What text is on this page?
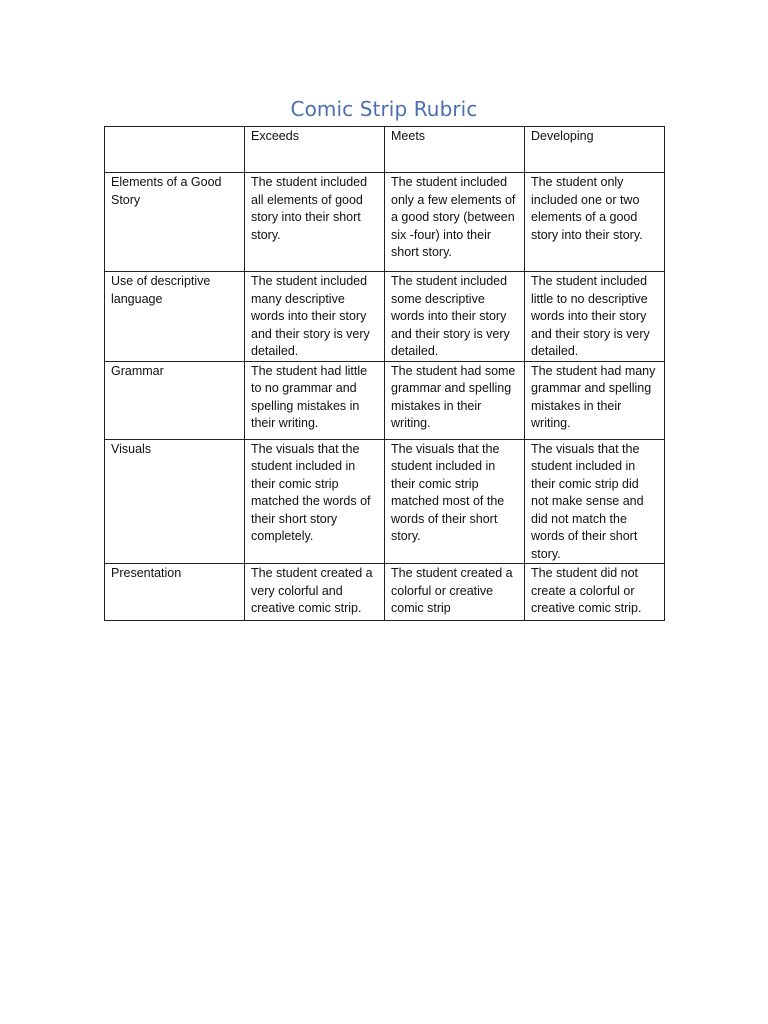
Comic Strip Rubric
	Exceeds	Meets	Developing
Elements of a Good Story	The student included all elements of good story into their short story.	The student included only a few elements of a good story (between six -four) into their short story.	The student only included one or two elements of a good story into their story.
Use of descriptive language	The student included many descriptive words into their story and their story is very detailed.	The student included some descriptive words into their story and their story is very detailed.	The student included little to no descriptive words into their story and their story is very detailed.
Grammar	The student had little to no grammar and spelling mistakes in their writing.	The student had some grammar and spelling mistakes in their writing.	The student had many grammar and spelling mistakes in their writing.
Visuals	The visuals that the student included in their comic strip matched the words of their short story completely.	The visuals that the student included in their comic strip matched most of the words of their short story.	The visuals that the student included in their comic strip did not make sense and did not match the words of their short story.
Presentation	The student created a very colorful and creative comic strip.	The student created a colorful or creative comic strip	The student did not create a colorful or creative comic strip.
